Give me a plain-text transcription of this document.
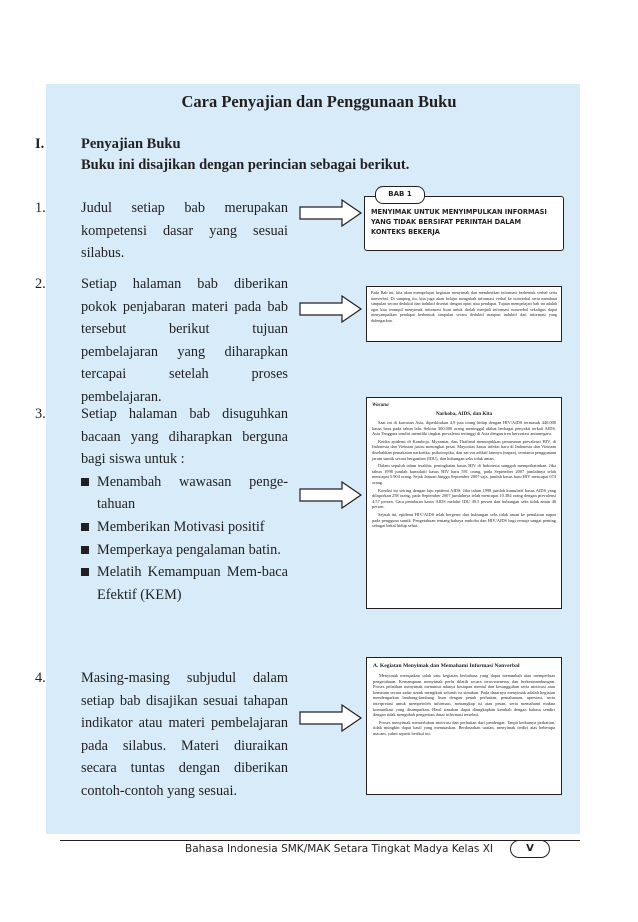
Cara Penyajian dan Penggunaan Buku
I.	Penyajian Buku
Buku ini disajikan dengan perincian sebagai berikut.
1. Judul setiap bab merupakan kompetensi dasar yang sesuai silabus.
2. Setiap halaman bab diberikan pokok penjabaran materi pada bab tersebut berikut tujuan pembelajaran yang diharapkan tercapai setelah proses pembelajaran.
3. Setiap halaman bab disuguhkan bacaan yang diharapkan berguna bagi siswa untuk :
Menambah wawasan penge-tahuan
Memberikan Motivasi positif
Memperkaya pengalaman batin.
Melatih Kemampuan Mem-baca Efektif (KEM)
4. Masing-masing subjudul dalam setiap bab disajikan sesuai tahapan indikator atau materi pembelajaran pada silabus. Materi diuraikan secara tuntas dengan diberikan contoh-contoh yang sesuai.
BAB 1
MENYIMAK UNTUK MENYIMPULKAN INFORMASI YANG TIDAK BERSIFAT PERINTAH DALAM KONTEKS BEKERJA
Pada Bab ini, kita akan mempelajari kegiatan menyimak dan memberikan informasi berbentuk verbal serta nonverbal. Di samping itu, kita juga akan belajar mengubah informasi verbal ke nonverbal serta membuat simpulan secara deduktif dan induktif disertai dengan opini atau pendapat. Tujuan mempelajari bab ini adalah agar kita terampil menyimak informasi lisan untuk diolah menjadi informasi nonverbal sekaligus dapat menyampaikan pendapat berbentuk simpulan secara deduktif maupun induktif dari informasi yang didengarkan.
Wacana
Narkoba, AIDS, dan Kita

Saat ini di kawasan Asia, diperkirakan 4,9 juta orang hidup dengan HIV/AIDS termasuk 440.000 kasus baru pada tahun lalu. Sekitar 300.000 orang meninggal akibat berbagai penyakit terkait AIDS. Asia Tenggara sendiri memiliki tingkat prevalensi tertinggi di Asia dengan tren bervariasi antarnegara.

Ketika epidemi di Kamboja, Myanmar, dan Thailand menunjukkan penurunan prevalensi HIV, di Indonesia dan Vietnam justru meningkat pesat. Mayoritas kasus infeksi baru di Indonesia dan Vietnam disebabkan pemakaian narkotika, psikotropika, dan zat-zat adiktif lainnya (napza), terutama penggunaan jarum suntik secara bergantian (IDU), dan hubungan seks tidak aman.

Dalam sepuluh tahun terakhir, peningkatan kasus HIV di Indonesia sungguh memprihatinkan. Jika tahun 1998 jumlah kumulatif kasus HIV baru 591 orang, pada September 2007 jumlahnya telah mencapai 5.904 orang. Sejak Januari hingga September 2007 saja, jumlah kasus baru HIV mencapai 674 orang.

Kondisi ini seiring dengan laju epidemi AIDS. Jika tahun 1998 jumlah kumulatif kasus AIDS yang dilaporkan 258 orang, pada September 2007 jumlahnya telah mencapai 10.384 orang dengan prevalensi 4,57 persen. Cara penularan kasus AIDS melalui IDU 49,5 persen dan hubungan seks tidak aman 46 persen.

Sejauh ini, epidemi HIV/AIDS telah bergeser dari hubungan seks tidak aman ke penularan napza pada pengguna suntik. Pengetahuan tentang bahaya narkoba dan HIV/AIDS bagi remaja sangat penting sebagai bekal hidup sehat.

A. Kegiatan Menyimak dan Memahami Informasi Nonverbal

Menyimak merupakan salah satu kegiatan berbahasa yang dapat menambah atau memperluas pengetahuan. Kemampuan menyimak perlu dilatih secara terus-menerus dan berkesinambungan. Proses pelatihan menyimak menuntut adanya kesiapan mental dan kesungguhan serta motivasi atau kemauan secara sadar untuk mengikuti seluruh isi simakan. Pada dasarnya menyimak adalah kegiatan mendengarkan lambang-lambang lisan dengan penuh perhatian, pemahaman, apresiasi, serta interpretasi untuk memperoleh informasi, menangkap isi atau pesan, serta memahami makna komunikasi yang disampaikan. Hasil simakan dapat diungkapkan kembali dengan bahasa sendiri dengan tidak mengubah pengertian dasar informasi tersebut.

Proses menyimak memerlukan motivasi dan perhatian dari pendengar. Tanpa keduanya perhatian, tidak mungkin dapat hasil yang memuaskan. Berdasarkan uraian, menyimak terdiri atas beberapa macam, yakni seperti berikut ini.

Bahasa Indonesia SMK/MAK Setara Tingkat Madya Kelas XI	V
